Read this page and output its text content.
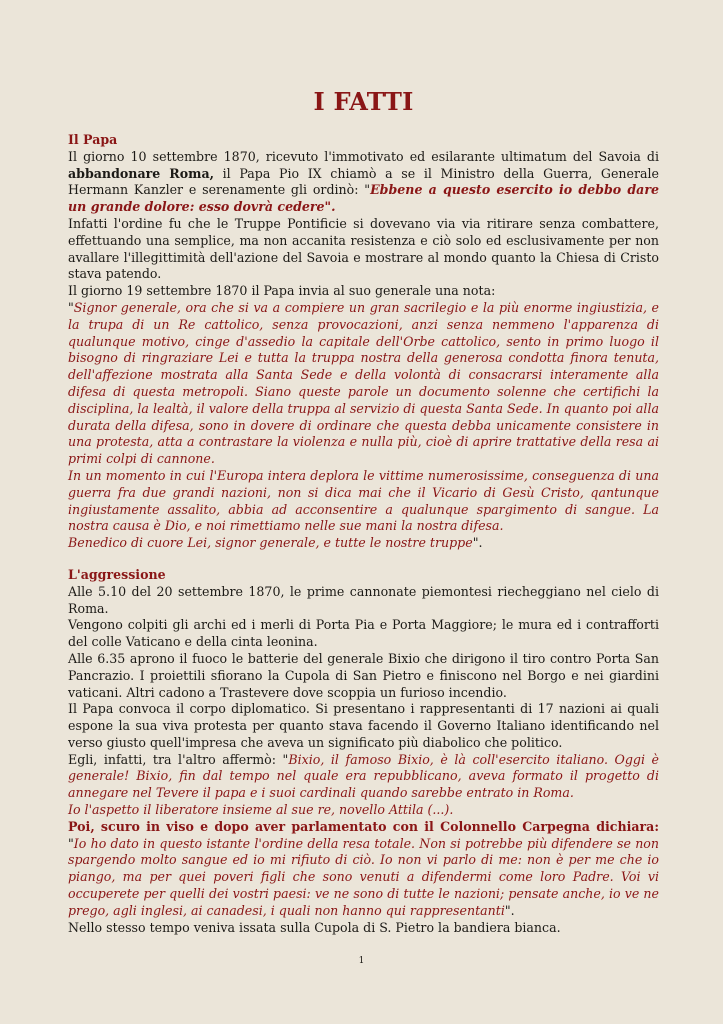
I FATTI

Il Papa

Il giorno 10 settembre 1870, ricevuto l'immotivato ed esilarante ultimatum del Savoia di abbandonare Roma, il Papa Pio IX chiamò a se il Ministro della Guerra, Generale Hermann Kanzler e serenamente gli ordinò: "Ebbene a questo esercito io debbo dare un grande dolore: esso dovrà cedere".

Infatti l'ordine fu che le Truppe Pontificie si dovevano via via ritirare senza combattere, effettuando una semplice, ma non accanita resistenza e ciò solo ed esclusivamente per non avallare l'illegittimità dell'azione del Savoia e mostrare al mondo quanto la Chiesa di Cristo stava patendo.

Il giorno 19 settembre 1870 il Papa invia al suo generale una nota:

"Signor generale, ora che si va a compiere un gran sacrilegio e la più enorme ingiustizia, e la trupa di un Re cattolico, senza provocazioni, anzi senza nemmeno l'apparenza di qualunque motivo, cinge d'assedio la capitale dell'Orbe cattolico, sento in primo luogo il bisogno di ringraziare Lei e tutta la truppa nostra della generosa condotta finora tenuta, dell'affezione mostrata alla Santa Sede e della volontà di consacrarsi interamente alla difesa di questa metropoli. Siano queste parole un documento solenne che certifichi la disciplina, la lealtà, il valore della truppa al servizio di questa Santa Sede. In quanto poi alla durata della difesa, sono in dovere di ordinare che questa debba unicamente consistere in una protesta, atta a contrastare la violenza e nulla più, cioè di aprire trattative della resa ai primi colpi di cannone.

In un momento in cui l'Europa intera deplora le vittime numerosissime, conseguenza di una guerra fra due grandi nazioni, non si dica mai che il Vicario di Gesù Cristo, qantunque ingiustamente assalito, abbia ad acconsentire a qualunque spargimento di sangue. La nostra causa è Dio, e noi rimettiamo nelle sue mani la nostra difesa.

Benedico di cuore Lei, signor generale, e tutte le nostre truppe".

L'aggressione

Alle 5.10 del 20 settembre 1870, le prime cannonate piemontesi riecheggiano nel cielo di Roma.

Vengono colpiti gli archi ed i merli di Porta Pia e Porta Maggiore; le mura ed i contrafforti del colle Vaticano e della cinta leonina.

Alle 6.35 aprono il fuoco le batterie del generale Bixio che dirigono il tiro contro Porta San Pancrazio. I proiettili sfiorano la Cupola di San Pietro e finiscono nel Borgo e nei giardini vaticani. Altri cadono a Trastevere dove scoppia un furioso incendio.

Il Papa convoca il corpo diplomatico. Si presentano i rappresentanti di 17 nazioni ai quali espone la sua viva protesta per quanto stava facendo il Governo Italiano identificando nel verso giusto quell'impresa che aveva un significato più diabolico che politico.

Egli, infatti, tra l'altro affermò: "Bixio, il famoso Bixio, è là coll'esercito italiano. Oggi è generale! Bixio, fin dal tempo nel quale era repubblicano, aveva formato il progetto di annegare nel Tevere il papa e i suoi cardinali quando sarebbe entrato in Roma.

Io l'aspetto il liberatore insieme al sue re, novello Attila (...).

Poi, scuro in viso e dopo aver parlamentato con il Colonnello Carpegna dichiara: "Io ho dato in questo istante l'ordine della resa totale. Non si potrebbe più difendere se non spargendo molto sangue ed io mi rifiuto di ciò. Io non vi parlo di me: non è per me che io piango, ma per quei poveri figli che sono venuti a difendermi come loro Padre. Voi vi occuperete per quelli dei vostri paesi: ve ne sono di tutte le nazioni; pensate anche, io ve ne prego, agli inglesi, ai canadesi, i quali non hanno qui rappresentanti".

Nello stesso tempo veniva issata sulla Cupola di S. Pietro la bandiera bianca.

1
